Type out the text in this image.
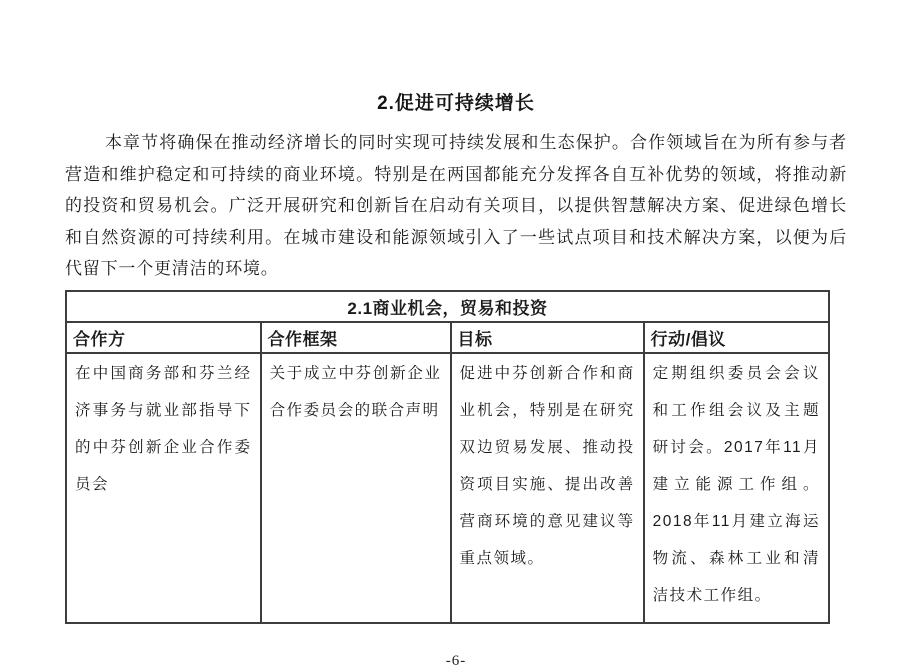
2.促进可持续增长

本章节将确保在推动经济增长的同时实现可持续发展和生态保护。合作领域旨在为所有参与者营造和维护稳定和可持续的商业环境。特别是在两国都能充分发挥各自互补优势的领域，将推动新的投资和贸易机会。广泛开展研究和创新旨在启动有关项目，以提供智慧解决方案、促进绿色增长和自然资源的可持续利用。在城市建设和能源领域引入了一些试点项目和技术解决方案，以便为后代留下一个更清洁的环境。

2.1商业机会，贸易和投资			
合作方	合作框架	目标	行动/倡议
在中国商务部和芬兰经济事务与就业部指导下的中芬创新企业合作委员会	关于成立中芬创新企业合作委员会的联合声明	促进中芬创新合作和商业机会，特别是在研究双边贸易发展、推动投资项目实施、提出改善营商环境的意见建议等重点领域。	定期组织委员会会议和工作组会议及主题研讨会。2017年11月建立能源工作组。2018年11月建立海运物流、森林工业和清洁技术工作组。
-6-
